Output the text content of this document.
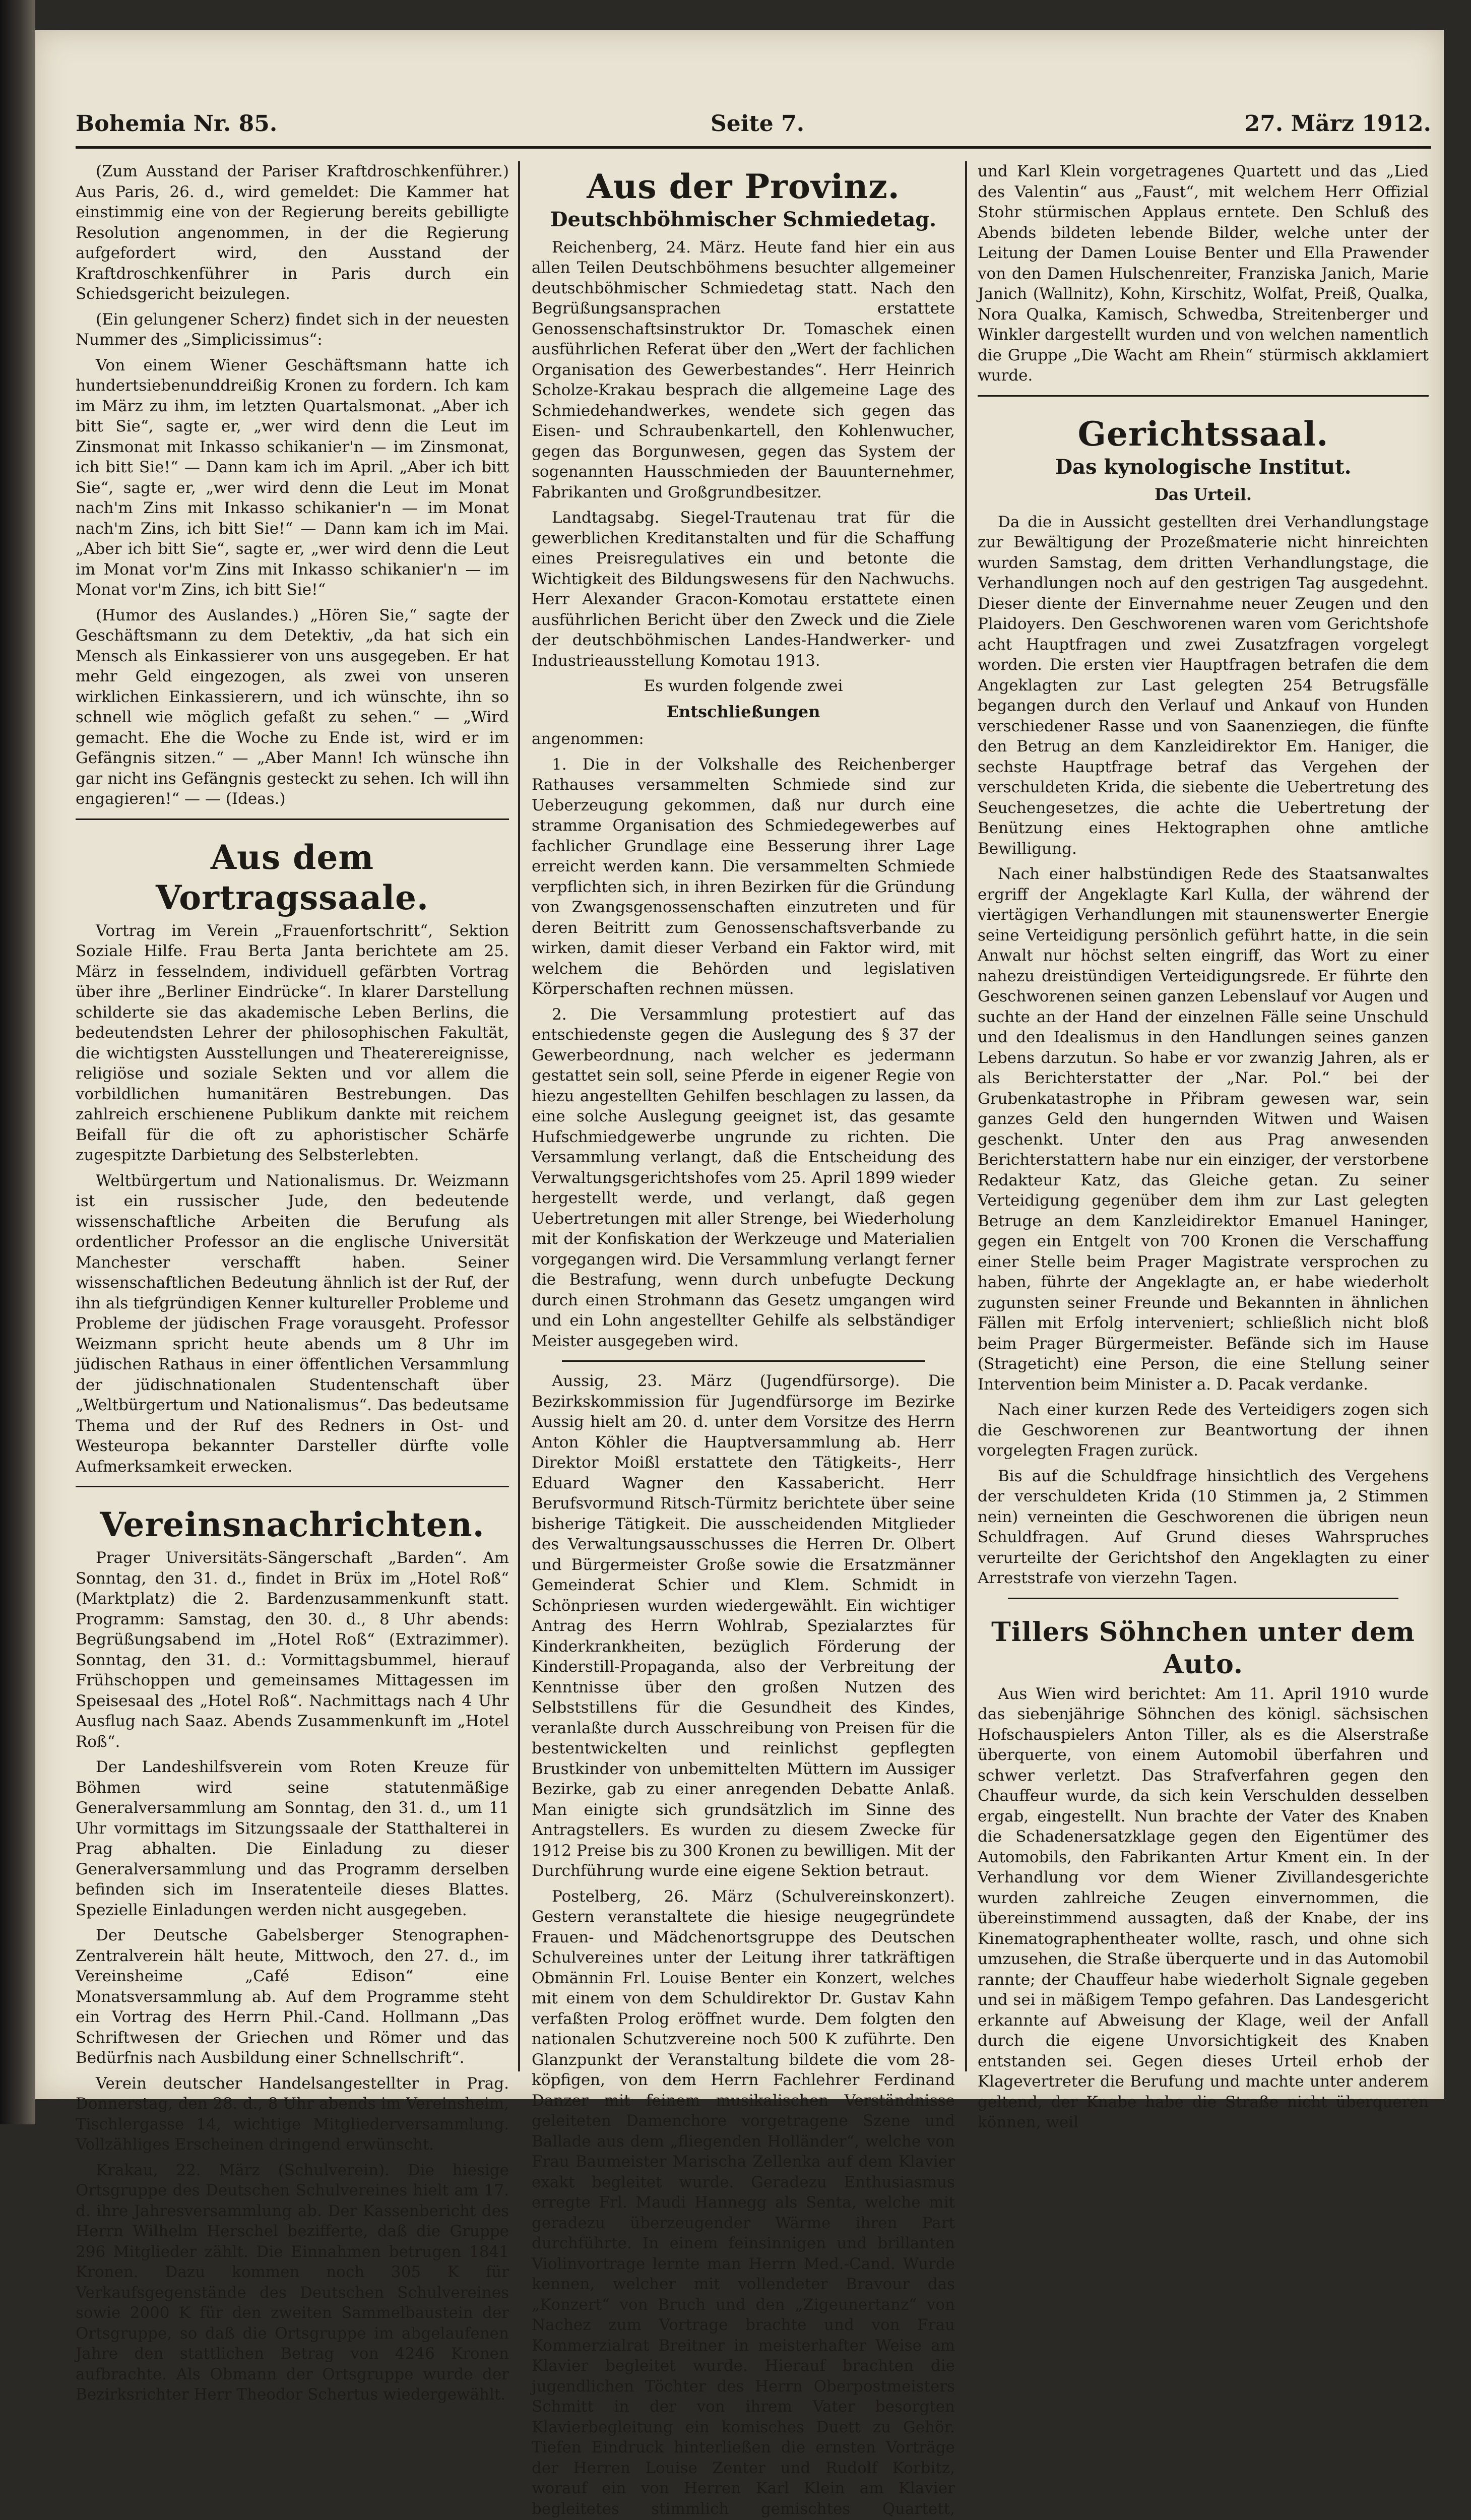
Bohemia Nr. 85.	Seite 7.	27. März 1912.

(Zum Ausstand der Pariser Kraftdroschkenführer.) Aus Paris, 26. d., wird gemeldet: Die Kammer hat einstimmig eine von der Regierung bereits gebilligte Resolution angenommen, in der die Regierung aufgefordert wird, den Ausstand der Kraftdroschkenführer in Paris durch ein Schiedsgericht beizulegen.

(Ein gelungener Scherz) findet sich in der neuesten Nummer des „Simplicissimus“:

Von einem Wiener Geschäftsmann hatte ich hundertsiebenunddreißig Kronen zu fordern. Ich kam im März zu ihm, im letzten Quartalsmonat. „Aber ich bitt Sie“, sagte er, „wer wird denn die Leut im Zinsmonat mit Inkasso schikanier'n — im Zinsmonat, ich bitt Sie!“ — Dann kam ich im April. „Aber ich bitt Sie“, sagte er, „wer wird denn die Leut im Monat nach'm Zins mit Inkasso schikanier'n — im Monat nach'm Zins, ich bitt Sie!“ — Dann kam ich im Mai. „Aber ich bitt Sie“, sagte er, „wer wird denn die Leut im Monat vor'm Zins mit Inkasso schikanier'n — im Monat vor'm Zins, ich bitt Sie!“

(Humor des Auslandes.) „Hören Sie,“ sagte der Geschäftsmann zu dem Detektiv, „da hat sich ein Mensch als Einkassierer von uns ausgegeben. Er hat mehr Geld eingezogen, als zwei von unseren wirklichen Einkassierern, und ich wünschte, ihn so schnell wie möglich gefaßt zu sehen.“ — „Wird gemacht. Ehe die Woche zu Ende ist, wird er im Gefängnis sitzen.“ — „Aber Mann! Ich wünsche ihn gar nicht ins Gefängnis gesteckt zu sehen. Ich will ihn engagieren!“ — — (Ideas.)

Aus dem Vortragssaale.

Vortrag im Verein „Frauenfortschritt“, Sektion Soziale Hilfe. Frau Berta Janta berichtete am 25. März in fesselndem, individuell gefärbten Vortrag über ihre „Berliner Eindrücke“. In klarer Darstellung schilderte sie das akademische Leben Berlins, die bedeutendsten Lehrer der philosophischen Fakultät, die wichtigsten Ausstellungen und Theaterereignisse, religiöse und soziale Sekten und vor allem die vorbildlichen humanitären Bestrebungen. Das zahlreich erschienene Publikum dankte mit reichem Beifall für die oft zu aphoristischer Schärfe zugespitzte Darbietung des Selbsterlebten.

Weltbürgertum und Nationalismus. Dr. Weizmann ist ein russischer Jude, den bedeutende wissenschaftliche Arbeiten die Berufung als ordentlicher Professor an die englische Universität Manchester verschafft haben. Seiner wissenschaftlichen Bedeutung ähnlich ist der Ruf, der ihn als tiefgründigen Kenner kultureller Probleme und Probleme der jüdischen Frage vorausgeht. Professor Weizmann spricht heute abends um 8 Uhr im jüdischen Rathaus in einer öffentlichen Versammlung der jüdischnationalen Studentenschaft über „Weltbürgertum und Nationalismus“. Das bedeutsame Thema und der Ruf des Redners in Ost- und Westeuropa bekannter Darsteller dürfte volle Aufmerksamkeit erwecken.

Vereinsnachrichten.

Prager Universitäts-Sängerschaft „Barden“. Am Sonntag, den 31. d., findet in Brüx im „Hotel Roß“ (Marktplatz) die 2. Bardenzusammenkunft statt. Programm: Samstag, den 30. d., 8 Uhr abends: Begrüßungsabend im „Hotel Roß“ (Extrazimmer). Sonntag, den 31. d.: Vormittagsbummel, hierauf Frühschoppen und gemeinsames Mittagessen im Speisesaal des „Hotel Roß“. Nachmittags nach 4 Uhr Ausflug nach Saaz. Abends Zusammenkunft im „Hotel Roß“.

Der Landeshilfsverein vom Roten Kreuze für Böhmen wird seine statutenmäßige Generalversammlung am Sonntag, den 31. d., um 11 Uhr vormittags im Sitzungssaale der Statthalterei in Prag abhalten. Die Einladung zu dieser Generalversammlung und das Programm derselben befinden sich im Inseratenteile dieses Blattes. Spezielle Einladungen werden nicht ausgegeben.

Der Deutsche Gabelsberger Stenographen-Zentralverein hält heute, Mittwoch, den 27. d., im Vereinsheime „Café Edison“ eine Monatsversammlung ab. Auf dem Programme steht ein Vortrag des Herrn Phil.-Cand. Hollmann „Das Schriftwesen der Griechen und Römer und das Bedürfnis nach Ausbildung einer Schnellschrift“.

Verein deutscher Handelsangestellter in Prag. Donnerstag, den 28. d., 8 Uhr abends im Vereinsheim, Tischlergasse 14, wichtige Mitgliederversammlung. Vollzähliges Erscheinen dringend erwünscht.

Krakau, 22. März (Schulverein). Die hiesige Ortsgruppe des Deutschen Schulvereines hielt am 17. d. ihre Jahresversammlung ab. Der Kassenbericht des Herrn Wilhelm Herschel bezifferte, daß die Gruppe 296 Mitglieder zählt. Die Einnahmen betrugen 1841 Kronen. Dazu kommen noch 305 K für Verkaufsgegenstände des Deutschen Schulvereines sowie 2000 K für den zweiten Sammelbaustein der Ortsgruppe, so daß die Ortsgruppe im abgelaufenen Jahre den stattlichen Betrag von 4246 Kronen aufbrachte. Als Obmann der Ortsgruppe wurde der Bezirksrichter Herr Theodor Schertus wiedergewählt.

Aus der Provinz.
Deutschböhmischer Schmiedetag.

Reichenberg, 24. März. Heute fand hier ein aus allen Teilen Deutschböhmens besuchter allgemeiner deutschböhmischer Schmiedetag statt. Nach den Begrüßungsansprachen erstattete Genossenschaftsinstruktor Dr. Tomaschek einen ausführlichen Referat über den „Wert der fachlichen Organisation des Gewerbestandes“. Herr Heinrich Scholze-Krakau besprach die allgemeine Lage des Schmiedehandwerkes, wendete sich gegen das Eisen- und Schraubenkartell, den Kohlenwucher, gegen das Borgunwesen, gegen das System der sogenannten Hausschmieden der Bauunternehmer, Fabrikanten und Großgrundbesitzer.

Landtagsabg. Siegel-Trautenau trat für die gewerblichen Kreditanstalten und für die Schaffung eines Preisregulatives ein und betonte die Wichtigkeit des Bildungswesens für den Nachwuchs. Herr Alexander Gracon-Komotau erstattete einen ausführlichen Bericht über den Zweck und die Ziele der deutschböhmischen Landes-Handwerker- und Industrieausstellung Komotau 1913.

Es wurden folgende zwei

Entschließungen

angenommen:

1. Die in der Volkshalle des Reichenberger Rathauses versammelten Schmiede sind zur Ueberzeugung gekommen, daß nur durch eine stramme Organisation des Schmiedegewerbes auf fachlicher Grundlage eine Besserung ihrer Lage erreicht werden kann. Die versammelten Schmiede verpflichten sich, in ihren Bezirken für die Gründung von Zwangsgenossenschaften einzutreten und für deren Beitritt zum Genossenschaftsverbande zu wirken, damit dieser Verband ein Faktor wird, mit welchem die Behörden und legislativen Körperschaften rechnen müssen.

2. Die Versammlung protestiert auf das entschiedenste gegen die Auslegung des § 37 der Gewerbeordnung, nach welcher es jedermann gestattet sein soll, seine Pferde in eigener Regie von hiezu angestellten Gehilfen beschlagen zu lassen, da eine solche Auslegung geeignet ist, das gesamte Hufschmiedgewerbe ungrunde zu richten. Die Versammlung verlangt, daß die Entscheidung des Verwaltungsgerichtshofes vom 25. April 1899 wieder hergestellt werde, und verlangt, daß gegen Uebertretungen mit aller Strenge, bei Wiederholung mit der Konfiskation der Werkzeuge und Materialien vorgegangen wird. Die Versammlung verlangt ferner die Bestrafung, wenn durch unbefugte Deckung durch einen Strohmann das Gesetz umgangen wird und ein Lohn angestellter Gehilfe als selbständiger Meister ausgegeben wird.

Aussig, 23. März (Jugendfürsorge). Die Bezirkskommission für Jugendfürsorge im Bezirke Aussig hielt am 20. d. unter dem Vorsitze des Herrn Anton Köhler die Hauptversammlung ab. Herr Direktor Moißl erstattete den Tätigkeits-, Herr Eduard Wagner den Kassabericht. Herr Berufsvormund Ritsch-Türmitz berichtete über seine bisherige Tätigkeit. Die ausscheidenden Mitglieder des Verwaltungsausschusses die Herren Dr. Olbert und Bürgermeister Große sowie die Ersatzmänner Gemeinderat Schier und Klem. Schmidt in Schönpriesen wurden wiedergewählt. Ein wichtiger Antrag des Herrn Wohlrab, Spezialarztes für Kinderkrankheiten, bezüglich Förderung der Kinderstill-Propaganda, also der Verbreitung der Kenntnisse über den großen Nutzen des Selbststillens für die Gesundheit des Kindes, veranlaßte durch Ausschreibung von Preisen für die bestentwickelten und reinlichst gepflegten Brustkinder von unbemittelten Müttern im Aussiger Bezirke, gab zu einer anregenden Debatte Anlaß. Man einigte sich grundsätzlich im Sinne des Antragstellers. Es wurden zu diesem Zwecke für 1912 Preise bis zu 300 Kronen zu bewilligen. Mit der Durchführung wurde eine eigene Sektion betraut.

Postelberg, 26. März (Schulvereinskonzert). Gestern veranstaltete die hiesige neugegründete Frauen- und Mädchenortsgruppe des Deutschen Schulvereines unter der Leitung ihrer tatkräftigen Obmännin Frl. Louise Benter ein Konzert, welches mit einem von dem Schuldirektor Dr. Gustav Kahn verfaßten Prolog eröffnet wurde. Dem folgten den nationalen Schutzvereine noch 500 K zuführte. Den Glanzpunkt der Veranstaltung bildete die vom 28-köpfigen, von dem Herrn Fachlehrer Ferdinand Danzer mit feinem musikalischen Verständnisse geleiteten Damenchore vorgetragene Szene und Ballade aus dem „fliegenden Holländer“, welche von Frau Baumeister Marischa Zellenka auf dem Klavier exakt begleitet wurde. Geradezu Enthusiasmus erregte Frl. Maudi Hannegg als Senta, welche mit geradezu überzeugender Wärme ihren Part durchführte. In einem feinsinnigen und brillanten Violinvortrage lernte man Herrn Med.-Cand. Wurde kennen, welcher mit vollendeter Bravour das „Konzert“ von Bruch und den „Zigeunertanz“ von Nachez zum Vortrage brachte und von Frau Kommerzialrat Breitner in meisterhafter Weise am Klavier begleitet wurde. Hierauf brachten die jugendlichen Töchter des Herrn Oberpostmeisters Schmitt in der von ihrem Vater besorgten Klavierbegleitung ein komisches Duett zu Gehör. Tiefen Eindruck hinterließen die ernsten Vorträge der Herren Louise Zenter und Rudolf Korbitz, worauf ein von Herren Karl Klein am Klavier begleitetes stimmlich gemischtes Quartett,

und Karl Klein vorgetragenes Quartett und das „Lied des Valentin“ aus „Faust“, mit welchem Herr Offizial Stohr stürmischen Applaus erntete. Den Schluß des Abends bildeten lebende Bilder, welche unter der Leitung der Damen Louise Benter und Ella Prawender von den Damen Hulschenreiter, Franziska Janich, Marie Janich (Wallnitz), Kohn, Kirschitz, Wolfat, Preiß, Qualka, Nora Qualka, Kamisch, Schwedba, Streitenberger und Winkler dargestellt wurden und von welchen namentlich die Gruppe „Die Wacht am Rhein“ stürmisch akklamiert wurde.

Gerichtssaal.
Das kynologische Institut.
Das Urteil.

Da die in Aussicht gestellten drei Verhandlungstage zur Bewältigung der Prozeßmaterie nicht hinreichten wurden Samstag, dem dritten Verhandlungstage, die Verhandlungen noch auf den gestrigen Tag ausgedehnt. Dieser diente der Einvernahme neuer Zeugen und den Plaidoyers. Den Geschworenen waren vom Gerichtshofe acht Hauptfragen und zwei Zusatzfragen vorgelegt worden. Die ersten vier Hauptfragen betrafen die dem Angeklagten zur Last gelegten 254 Betrugsfälle begangen durch den Verlauf und Ankauf von Hunden verschiedener Rasse und von Saanenziegen, die fünfte den Betrug an dem Kanzleidirektor Em. Haniger, die sechste Hauptfrage betraf das Vergehen der verschuldeten Krida, die siebente die Uebertretung des Seuchengesetzes, die achte die Uebertretung der Benützung eines Hektographen ohne amtliche Bewilligung.

Nach einer halbstündigen Rede des Staatsanwaltes ergriff der Angeklagte Karl Kulla, der während der viertägigen Verhandlungen mit staunenswerter Energie seine Verteidigung persönlich geführt hatte, in die sein Anwalt nur höchst selten eingriff, das Wort zu einer nahezu dreistündigen Verteidigungsrede. Er führte den Geschworenen seinen ganzen Lebenslauf vor Augen und suchte an der Hand der einzelnen Fälle seine Unschuld und den Idealismus in den Handlungen seines ganzen Lebens darzutun. So habe er vor zwanzig Jahren, als er als Berichterstatter der „Nar. Pol.“ bei der Grubenkatastrophe in Přibram gewesen war, sein ganzes Geld den hungernden Witwen und Waisen geschenkt. Unter den aus Prag anwesenden Berichterstattern habe nur ein einziger, der verstorbene Redakteur Katz, das Gleiche getan. Zu seiner Verteidigung gegenüber dem ihm zur Last gelegten Betruge an dem Kanzleidirektor Emanuel Haninger, gegen ein Entgelt von 700 Kronen die Verschaffung einer Stelle beim Prager Magistrate versprochen zu haben, führte der Angeklagte an, er habe wiederholt zugunsten seiner Freunde und Bekannten in ähnlichen Fällen mit Erfolg interveniert; schließlich nicht bloß beim Prager Bürgermeister. Befände sich im Hause (Strageticht) eine Person, die eine Stellung seiner Intervention beim Minister a. D. Pacak verdanke.

Nach einer kurzen Rede des Verteidigers zogen sich die Geschworenen zur Beantwortung der ihnen vorgelegten Fragen zurück.

Bis auf die Schuldfrage hinsichtlich des Vergehens der verschuldeten Krida (10 Stimmen ja, 2 Stimmen nein) verneinten die Geschworenen die übrigen neun Schuldfragen. Auf Grund dieses Wahrspruches verurteilte der Gerichtshof den Angeklagten zu einer Arreststrafe von vierzehn Tagen.

Tillers Söhnchen unter dem Auto.

Aus Wien wird berichtet: Am 11. April 1910 wurde das siebenjährige Söhnchen des königl. sächsischen Hofschauspielers Anton Tiller, als es die Alserstraße überquerte, von einem Automobil überfahren und schwer verletzt. Das Strafverfahren gegen den Chauffeur wurde, da sich kein Verschulden desselben ergab, eingestellt. Nun brachte der Vater des Knaben die Schadenersatzklage gegen den Eigentümer des Automobils, den Fabrikanten Artur Kment ein. In der Verhandlung vor dem Wiener Zivillandesgerichte wurden zahlreiche Zeugen einvernommen, die übereinstimmend aussagten, daß der Knabe, der ins Kinematographentheater wollte, rasch, und ohne sich umzusehen, die Straße überquerte und in das Automobil rannte; der Chauffeur habe wiederholt Signale gegeben und sei in mäßigem Tempo gefahren. Das Landesgericht erkannte auf Abweisung der Klage, weil der Anfall durch die eigene Unvorsichtigkeit des Knaben entstanden sei. Gegen dieses Urteil erhob der Klagevertreter die Berufung und machte unter anderem geltend, der Knabe habe die Straße nicht überqueren können, weil
